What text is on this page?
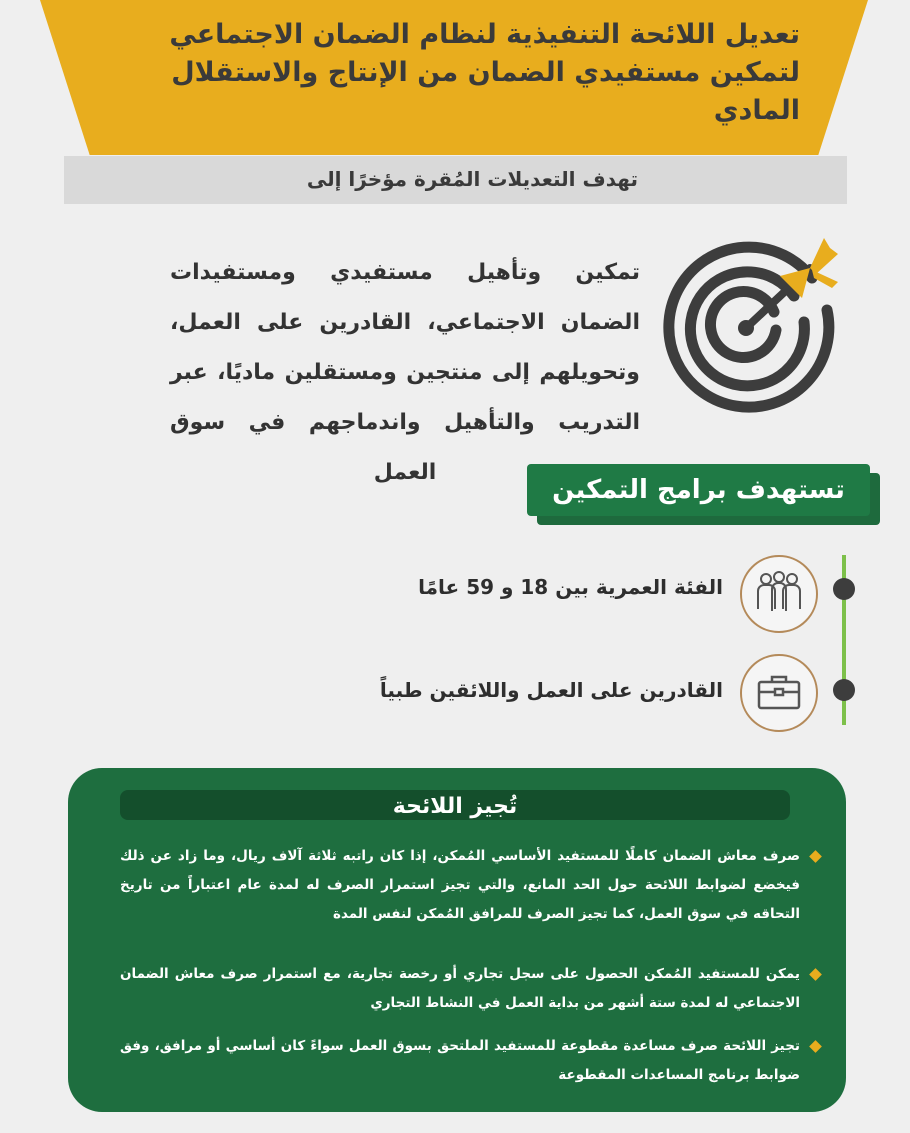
تعديل اللائحة التنفيذية لنظام الضمان الاجتماعي لتمكين مستفيدي الضمان من الإنتاج والاستقلال المادي
تهدف التعديلات المُقرة مؤخرًا إلى

تمكين وتأهيل مستفيدي ومستفيدات الضمان الاجتماعي، القادرين على العمل، وتحويلهم إلى منتجين ومستقلين ماديًا، عبر التدريب والتأهيل واندماجهم في سوق العمل

تستهدف برامج التمكين

الفئة العمرية بين 18 و 59 عامًا

القادرين على العمل واللائقين طبياً

تُجيز اللائحة
صرف معاش الضمان كاملًا للمستفيد الأساسي المُمكن، إذا كان راتبه ثلاثة آلاف ريال، وما زاد عن ذلك فيخضع لضوابط اللائحة حول الحد المانع، والتي تجيز استمرار الصرف له لمدة عام اعتباراً من تاريخ التحاقه في سوق العمل، كما تجيز الصرف للمرافق المُمكن لنفس المدة
يمكن للمستفيد المُمكن الحصول على سجل تجاري أو رخصة تجارية، مع استمرار صرف معاش الضمان الاجتماعي له لمدة ستة أشهر من بداية العمل في النشاط التجاري
تجيز اللائحة صرف مساعدة مقطوعة للمستفيد الملتحق بسوق العمل سواءً كان أساسي أو مرافق، وفق ضوابط برنامج المساعدات المقطوعة
